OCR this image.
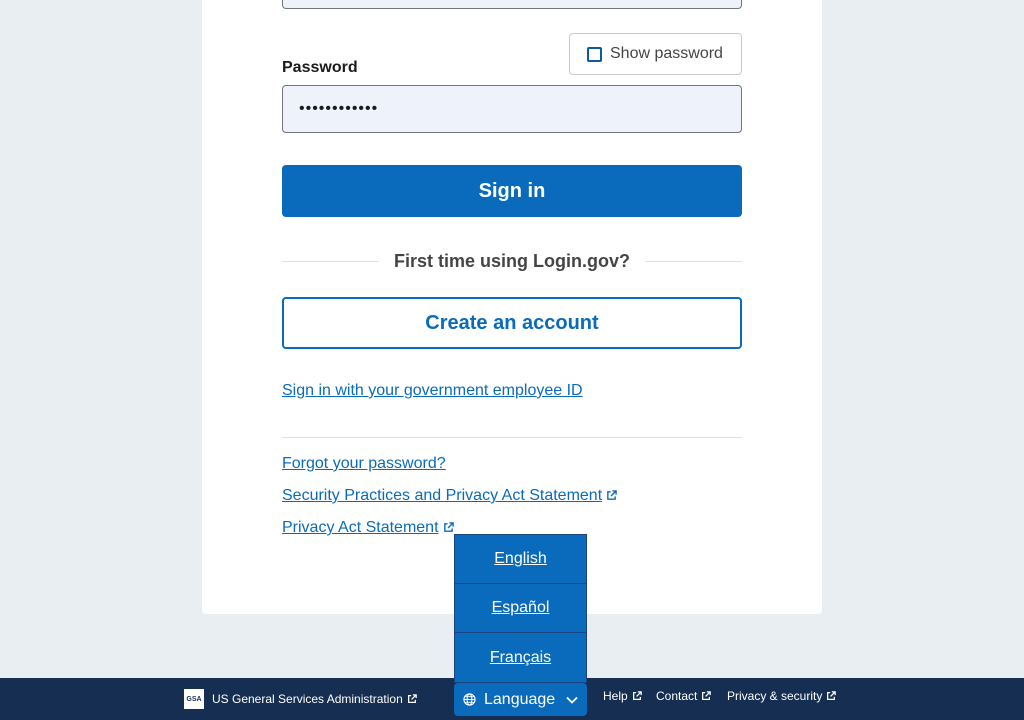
Show password
Password
••••••••••••
Sign in
First time using Login.gov?
Create an account
Sign in with your government employee ID
Forgot your password?
Security Practices and Privacy Act Statement
Privacy Act Statement
English
Español
Français
GSA US General Services Administration	Help Contact Privacy & security
Language
